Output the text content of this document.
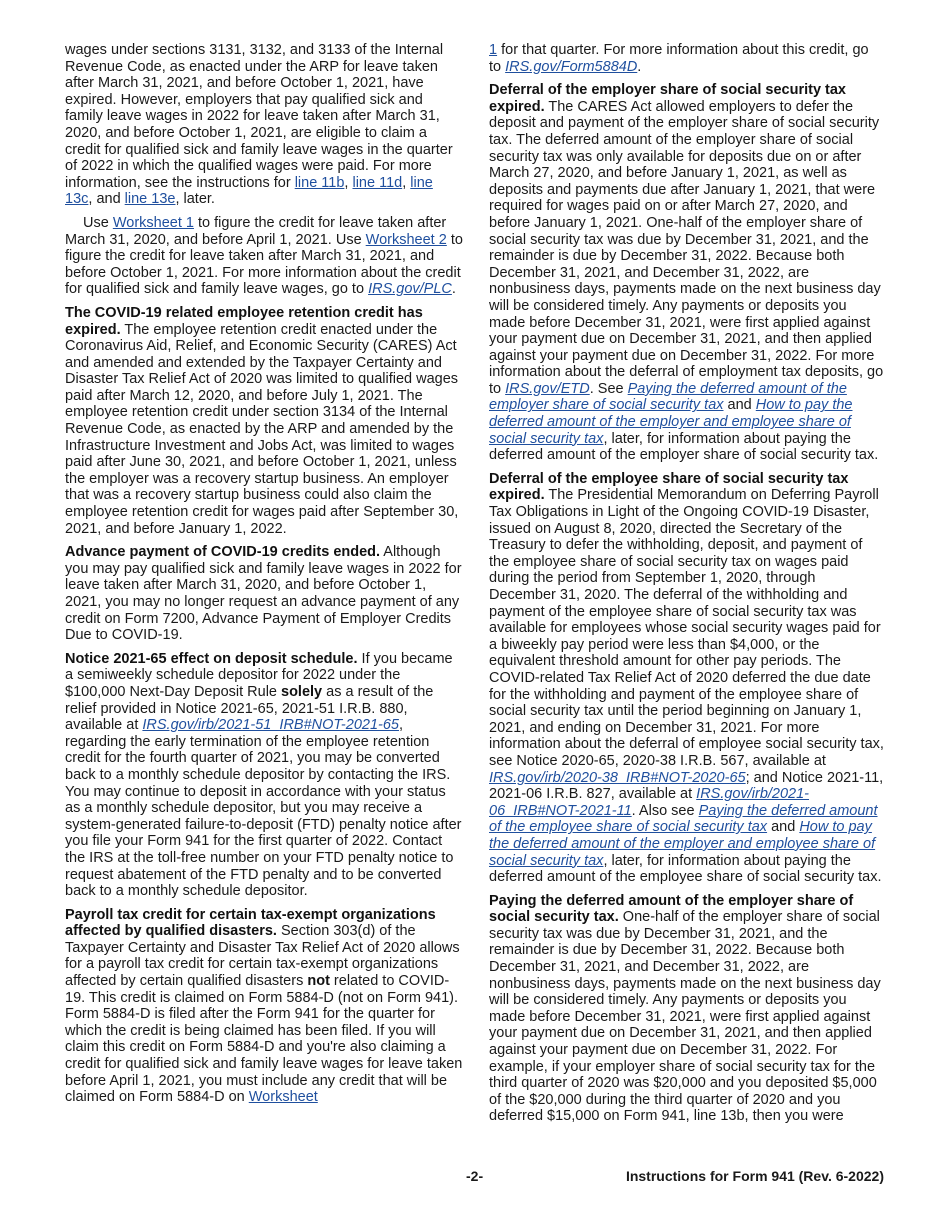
wages under sections 3131, 3132, and 3133 of the Internal Revenue Code, as enacted under the ARP for leave taken after March 31, 2021, and before October 1, 2021, have expired. However, employers that pay qualified sick and family leave wages in 2022 for leave taken after March 31, 2020, and before October 1, 2021, are eligible to claim a credit for qualified sick and family leave wages in the quarter of 2022 in which the qualified wages were paid. For more information, see the instructions for line 11b, line 11d, line 13c, and line 13e, later.

Use Worksheet 1 to figure the credit for leave taken after March 31, 2020, and before April 1, 2021. Use Worksheet 2 to figure the credit for leave taken after March 31, 2021, and before October 1, 2021. For more information about the credit for qualified sick and family leave wages, go to IRS.gov/PLC.

The COVID-19 related employee retention credit has expired. The employee retention credit enacted under the Coronavirus Aid, Relief, and Economic Security (CARES) Act and amended and extended by the Taxpayer Certainty and Disaster Tax Relief Act of 2020 was limited to qualified wages paid after March 12, 2020, and before July 1, 2021. The employee retention credit under section 3134 of the Internal Revenue Code, as enacted by the ARP and amended by the Infrastructure Investment and Jobs Act, was limited to wages paid after June 30, 2021, and before October 1, 2021, unless the employer was a recovery startup business. An employer that was a recovery startup business could also claim the employee retention credit for wages paid after September 30, 2021, and before January 1, 2022.

Advance payment of COVID-19 credits ended. Although you may pay qualified sick and family leave wages in 2022 for leave taken after March 31, 2020, and before October 1, 2021, you may no longer request an advance payment of any credit on Form 7200, Advance Payment of Employer Credits Due to COVID-19.

Notice 2021-65 effect on deposit schedule. If you became a semiweekly schedule depositor for 2022 under the $100,000 Next-Day Deposit Rule solely as a result of the relief provided in Notice 2021-65, 2021-51 I.R.B. 880, available at IRS.gov/irb/2021-51_IRB#NOT-2021-65, regarding the early termination of the employee retention credit for the fourth quarter of 2021, you may be converted back to a monthly schedule depositor by contacting the IRS. You may continue to deposit in accordance with your status as a monthly schedule depositor, but you may receive a system-generated failure-to-deposit (FTD) penalty notice after you file your Form 941 for the first quarter of 2022. Contact the IRS at the toll-free number on your FTD penalty notice to request abatement of the FTD penalty and to be converted back to a monthly schedule depositor.

Payroll tax credit for certain tax-exempt organizations affected by qualified disasters. Section 303(d) of the Taxpayer Certainty and Disaster Tax Relief Act of 2020 allows for a payroll tax credit for certain tax-exempt organizations affected by certain qualified disasters not related to COVID-19. This credit is claimed on Form 5884-D (not on Form 941). Form 5884-D is filed after the Form 941 for the quarter for which the credit is being claimed has been filed. If you will claim this credit on Form 5884-D and you're also claiming a credit for qualified sick and family leave wages for leave taken before April 1, 2021, you must include any credit that will be claimed on Form 5884-D on Worksheet

1 for that quarter. For more information about this credit, go to IRS.gov/Form5884D.

Deferral of the employer share of social security tax expired. The CARES Act allowed employers to defer the deposit and payment of the employer share of social security tax. The deferred amount of the employer share of social security tax was only available for deposits due on or after March 27, 2020, and before January 1, 2021, as well as deposits and payments due after January 1, 2021, that were required for wages paid on or after March 27, 2020, and before January 1, 2021. One-half of the employer share of social security tax was due by December 31, 2021, and the remainder is due by December 31, 2022. Because both December 31, 2021, and December 31, 2022, are nonbusiness days, payments made on the next business day will be considered timely. Any payments or deposits you made before December 31, 2021, were first applied against your payment due on December 31, 2021, and then applied against your payment due on December 31, 2022. For more information about the deferral of employment tax deposits, go to IRS.gov/ETD. See Paying the deferred amount of the employer share of social security tax and How to pay the deferred amount of the employer and employee share of social security tax, later, for information about paying the deferred amount of the employer share of social security tax.

Deferral of the employee share of social security tax expired. The Presidential Memorandum on Deferring Payroll Tax Obligations in Light of the Ongoing COVID-19 Disaster, issued on August 8, 2020, directed the Secretary of the Treasury to defer the withholding, deposit, and payment of the employee share of social security tax on wages paid during the period from September 1, 2020, through December 31, 2020. The deferral of the withholding and payment of the employee share of social security tax was available for employees whose social security wages paid for a biweekly pay period were less than $4,000, or the equivalent threshold amount for other pay periods. The COVID-related Tax Relief Act of 2020 deferred the due date for the withholding and payment of the employee share of social security tax until the period beginning on January 1, 2021, and ending on December 31, 2021. For more information about the deferral of employee social security tax, see Notice 2020-65, 2020-38 I.R.B. 567, available at IRS.gov/irb/2020-38_IRB#NOT-2020-65; and Notice 2021-11, 2021-06 I.R.B. 827, available at IRS.gov/irb/2021-06_IRB#NOT-2021-11. Also see Paying the deferred amount of the employee share of social security tax and How to pay the deferred amount of the employer and employee share of social security tax, later, for information about paying the deferred amount of the employee share of social security tax.

Paying the deferred amount of the employer share of social security tax. One-half of the employer share of social security tax was due by December 31, 2021, and the remainder is due by December 31, 2022. Because both December 31, 2021, and December 31, 2022, are nonbusiness days, payments made on the next business day will be considered timely. Any payments or deposits you made before December 31, 2021, were first applied against your payment due on December 31, 2021, and then applied against your payment due on December 31, 2022. For example, if your employer share of social security tax for the third quarter of 2020 was $20,000 and you deposited $5,000 of the $20,000 during the third quarter of 2020 and you deferred $15,000 on Form 941, line 13b, then you were

-2-	Instructions for Form 941 (Rev. 6-2022)
